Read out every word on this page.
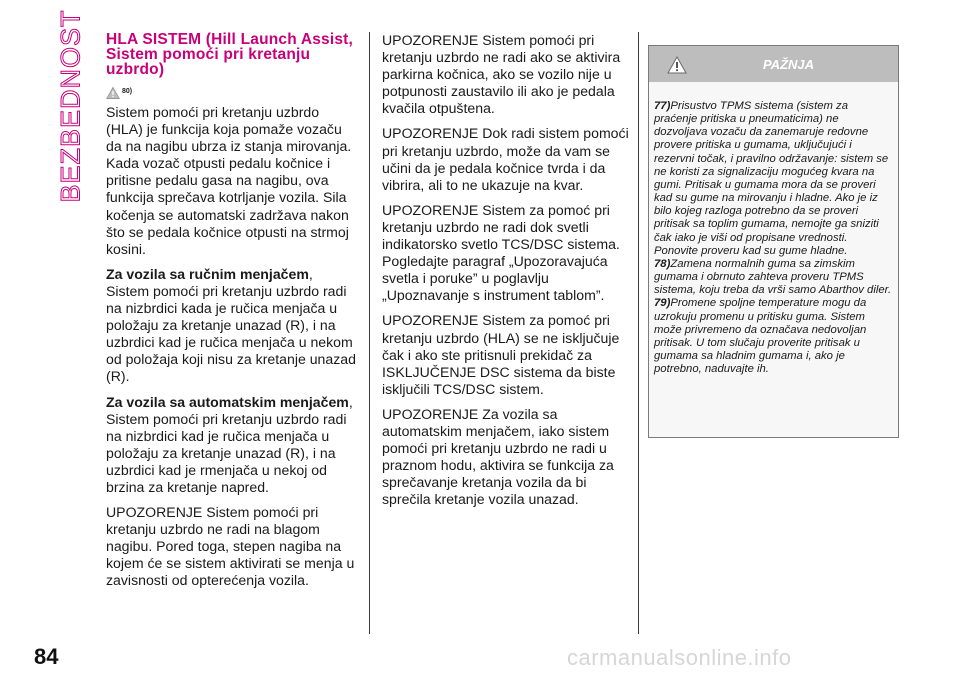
BEZBEDNOST HLA SISTEM (Hill Launch Assist, Sistem pomoći pri kretanju uzbrdo)
80)

Sistem pomoći pri kretanju uzbrdo (HLA) je funkcija koja pomaže vozaču da na nagibu ubrza iz stanja mirovanja. Kada vozač otpusti pedalu kočnice i pritisne pedalu gasa na nagibu, ova funkcija sprečava kotrljanje vozila. Sila kočenja se automatski zadržava nakon što se pedala kočnice otpusti na strmoj kosini.

Za vozila sa ručnim menjačem, Sistem pomoći pri kretanju uzbrdo radi na nizbrdici kada je ručica menjača u položaju za kretanje unazad (R), i na uzbrdici kad je ručica menjača u nekom od položaja koji nisu za kretanje unazad (R).

Za vozila sa automatskim menjačem, Sistem pomoći pri kretanju uzbrdo radi na nizbrdici kad je ručica menjača u položaju za kretanje unazad (R), i na uzbrdici kad je rmenjača u nekoj od brzina za kretanje napred.

UPOZORENJE Sistem pomoći pri kretanju uzbrdo ne radi na blagom nagibu. Pored toga, stepen nagiba na kojem će se sistem aktivirati se menja u zavisnosti od opterećenja vozila.

UPOZORENJE Sistem pomoći pri kretanju uzbrdo ne radi ako se aktivira parkirna kočnica, ako se vozilo nije u potpunosti zaustavilo ili ako je pedala kvačila otpuštena.

UPOZORENJE Dok radi sistem pomoći pri kretanju uzbrdo, može da vam se učini da je pedala kočnice tvrda i da vibrira, ali to ne ukazuje na kvar.

UPOZORENJE Sistem za pomoć pri kretanju uzbrdo ne radi dok svetli indikatorsko svetlo TCS/DSC sistema. Pogledajte paragraf „Upozoravajuća svetla i poruke” u poglavlju „Upoznavanje s instrument tablom”.

UPOZORENJE Sistem za pomoć pri kretanju uzbrdo (HLA) se ne isključuje čak i ako ste pritisnuli prekidač za ISKLJUČENJE DSC sistema da biste isključili TCS/DSC sistem.

UPOZORENJE Za vozila sa automatskim menjačem, iako sistem pomoći pri kretanju uzbrdo ne radi u praznom hodu, aktivira se funkcija za sprečavanje kretanja vozila da bi sprečila kretanje vozila unazad.

PAŽNJA

77)Prisustvo TPMS sistema (sistem za praćenje pritiska u pneumaticima) ne dozvoljava vozaču da zanemaruje redovne provere pritiska u gumama, uključujući i rezervni točak, i pravilno održavanje: sistem se ne koristi za signalizaciju mogućeg kvara na gumi. Pritisak u gumama mora da se proveri kad su gume na mirovanju i hladne. Ako je iz bilo kojeg razloga potrebno da se proveri pritisak sa toplim gumama, nemojte ga sniziti čak iako je viši od propisane vrednosti. Ponovite proveru kad su gume hladne.

78)Zamena normalnih guma sa zimskim gumama i obrnuto zahteva proveru TPMS sistema, koju treba da vrši samo Abarthov diler.

79)Promene spoljne temperature mogu da uzrokuju promenu u pritisku guma. Sistem može privremeno da označava nedovoljan pritisak. U tom slučaju proverite pritisak u gumama sa hladnim gumama i, ako je potrebno, naduvajte ih.

84	carmanualsonline.info
